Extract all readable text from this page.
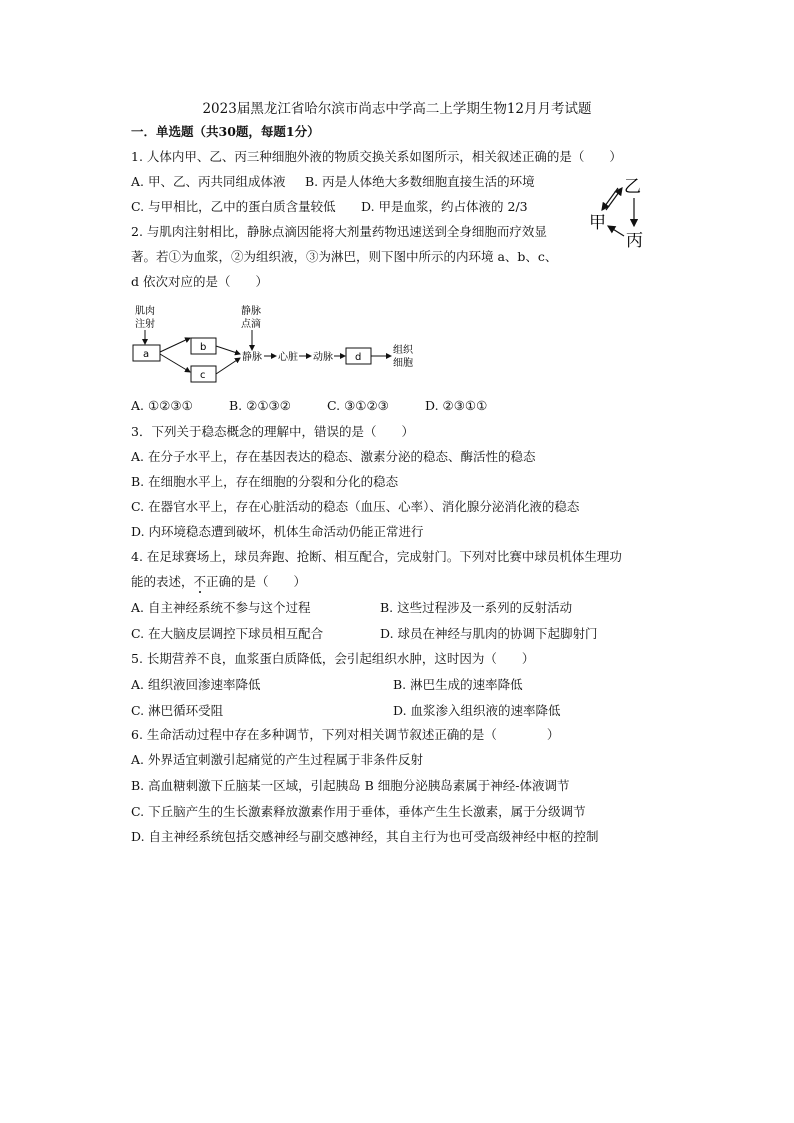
2023届黑龙江省哈尔滨市尚志中学高二上学期生物12月月考试题
一．单选题（共30题，每题1分）
1. 人体内甲、乙、丙三种细胞外液的物质交换关系如图所示，相关叙述正确的是（　　）
A. 甲、乙、丙共同组成体液 B. 丙是人体绝大多数细胞直接生活的环境
C. 与甲相比，乙中的蛋白质含量较低 D. 甲是血浆，约占体液的 2/3
甲
乙
丙
2. 与肌肉注射相比，静脉点滴因能将大剂量药物迅速送到全身细胞而疗效显
著。若①为血浆，②为组织液，③为淋巴，则下图中所示的内环境 a、b、c、
d 依次对应的是（　　）
肌肉
注射
a
b
c
静脉
点滴
静脉 心脏 动脉 d
组织
细胞
A. ①②③①	B. ②①③②	C. ③①②③	D. ②③①①
3．下列关于稳态概念的理解中，错误的是（　　）
A. 在分子水平上，存在基因表达的稳态、激素分泌的稳态、酶活性的稳态
B. 在细胞水平上，存在细胞的分裂和分化的稳态
C. 在器官水平上，存在心脏活动的稳态（血压、心率）、消化腺分泌消化液的稳态
D. 内环境稳态遭到破坏，机体生命活动仍能正常进行
4. 在足球赛场上，球员奔跑、抢断、相互配合，完成射门。下列对比赛中球员机体生理功
能的表述，不正确的是（　　）
A. 自主神经系统不参与这个过程	B. 这些过程涉及一系列的反射活动
C. 在大脑皮层调控下球员相互配合	D. 球员在神经与肌肉的协调下起脚射门
5. 长期营养不良，血浆蛋白质降低，会引起组织水肿，这时因为（　　）
A. 组织液回渗速率降低	B. 淋巴生成的速率降低
C. 淋巴循环受阻	D. 血浆渗入组织液的速率降低
6. 生命活动过程中存在多种调节，下列对相关调节叙述正确的是（　　　　）
A. 外界适宜刺激引起痛觉的产生过程属于非条件反射
B. 高血糖刺激下丘脑某一区域，引起胰岛 B 细胞分泌胰岛素属于神经-体液调节
C. 下丘脑产生的生长激素释放激素作用于垂体，垂体产生生长激素，属于分级调节
D. 自主神经系统包括交感神经与副交感神经，其自主行为也可受高级神经中枢的控制
